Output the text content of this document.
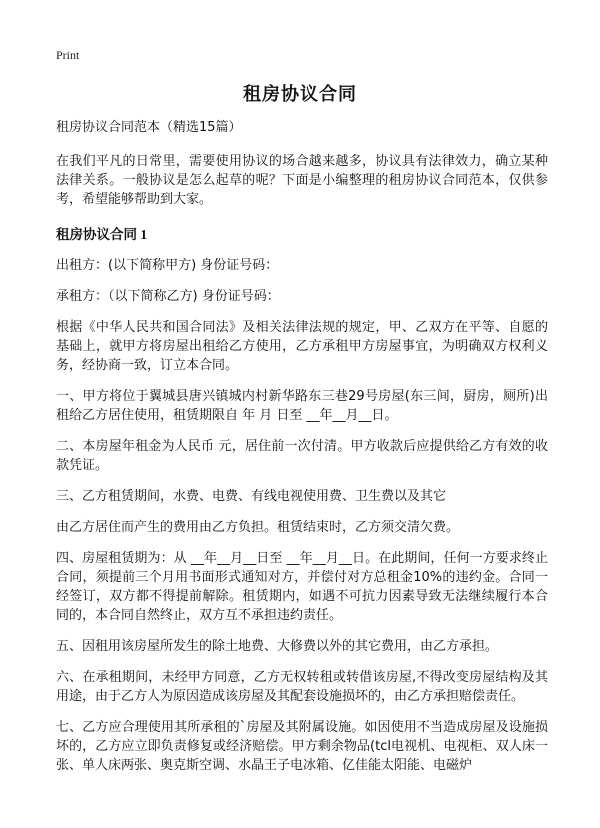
Print
租房协议合同

租房协议合同范本（精选15篇）

在我们平凡的日常里，需要使用协议的场合越来越多，协议具有法律效力，确立某种法律关系。一般协议是怎么起草的呢？下面是小编整理的租房协议合同范本，仅供参考，希望能够帮助到大家。

租房协议合同 1

出租方：(以下简称甲方) 身份证号码：

承租方：（以下简称乙方) 身份证号码：

根据《中华人民共和国合同法》及相关法律法规的规定，甲、乙双方在平等、自愿的基础上，就甲方将房屋出租给乙方使用，乙方承租甲方房屋事宜，为明确双方权利义务，经协商一致，订立本合同。

一、甲方将位于翼城县唐兴镇城内村新华路东三巷29号房屋(东三间，厨房，厕所)出租给乙方居住使用，租赁期限自 年 月 日至 __年__月__日。

二、本房屋年租金为人民币 元，居住前一次付清。甲方收款后应提供给乙方有效的收款凭证。

三、乙方租赁期间，水费、电费、有线电视使用费、卫生费以及其它

由乙方居住而产生的费用由乙方负担。租赁结束时，乙方须交清欠费。

四、房屋租赁期为：从 __年__月__日至 __年__月__日。在此期间，任何一方要求终止合同，须提前三个月用书面形式通知对方，并偿付对方总租金10%的违约金。合同一经签订，双方都不得提前解除。租赁期内，如遇不可抗力因素导致无法继续履行本合同的，本合同自然终止，双方互不承担违约责任。

五、因租用该房屋所发生的除土地费、大修费以外的其它费用，由乙方承担。

六、在承租期间，未经甲方同意，乙方无权转租或转借该房屋,不得改变房屋结构及其用途，由于乙方人为原因造成该房屋及其配套设施损坏的，由乙方承担赔偿责任。

七、乙方应合理使用其所承租的`房屋及其附属设施。如因使用不当造成房屋及设施损坏的，乙方应立即负责修复或经济赔偿。甲方剩余物品(tcl电视机、电视柜、双人床一张、单人床两张、奥克斯空调、水晶王子电冰箱、亿佳能太阳能、电磁炉
